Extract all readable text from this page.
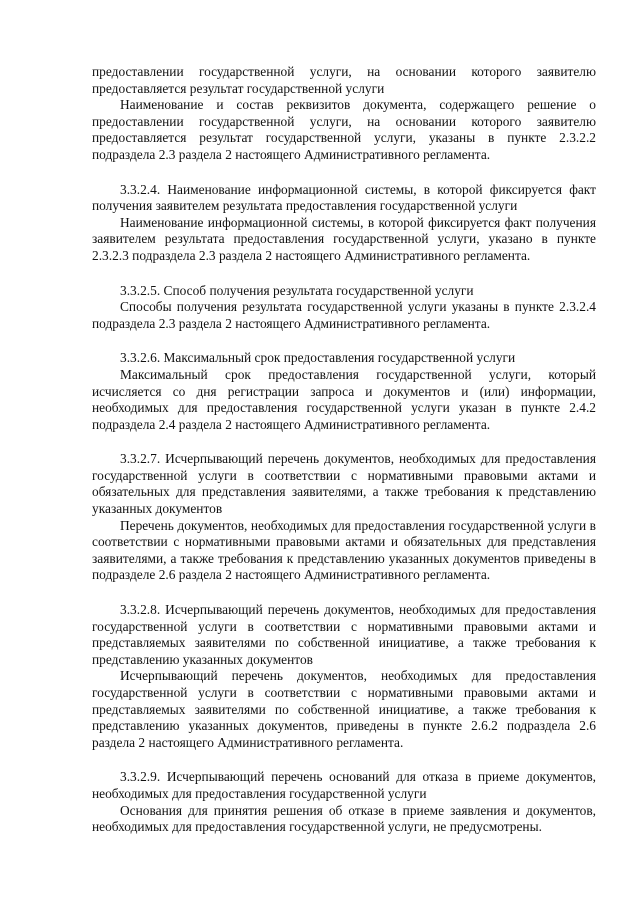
предоставлении государственной услуги, на основании которого заявителю предоставляется результат государственной услуги

Наименование и состав реквизитов документа, содержащего решение о предоставлении государственной услуги, на основании которого заявителю предоставляется результат государственной услуги, указаны в пункте 2.3.2.2 подраздела 2.3 раздела 2 настоящего Административного регламента.

3.3.2.4. Наименование информационной системы, в которой фиксируется факт получения заявителем результата предоставления государственной услуги

Наименование информационной системы, в которой фиксируется факт получения заявителем результата предоставления государственной услуги, указано в пункте 2.3.2.3 подраздела 2.3 раздела 2 настоящего Административного регламента.

3.3.2.5. Способ получения результата государственной услуги

Способы получения результата государственной услуги указаны в пункте 2.3.2.4 подраздела 2.3 раздела 2 настоящего Административного регламента.

3.3.2.6. Максимальный срок предоставления государственной услуги

Максимальный срок предоставления государственной услуги, который исчисляется со дня регистрации запроса и документов и (или) информации, необходимых для предоставления государственной услуги указан в пункте 2.4.2 подраздела 2.4 раздела 2 настоящего Административного регламента.

3.3.2.7. Исчерпывающий перечень документов, необходимых для предоставления государственной услуги в соответствии с нормативными правовыми актами и обязательных для представления заявителями, а также требования к представлению указанных документов

Перечень документов, необходимых для предоставления государственной услуги в соответствии с нормативными правовыми актами и обязательных для представления заявителями, а также требования к представлению указанных документов приведены в подразделе 2.6 раздела 2 настоящего Административного регламента.

3.3.2.8. Исчерпывающий перечень документов, необходимых для предоставления государственной услуги в соответствии с нормативными правовыми актами и представляемых заявителями по собственной инициативе, а также требования к представлению указанных документов

Исчерпывающий перечень документов, необходимых для предоставления государственной услуги в соответствии с нормативными правовыми актами и представляемых заявителями по собственной инициативе, а также требования к представлению указанных документов, приведены в пункте 2.6.2 подраздела 2.6 раздела 2 настоящего Административного регламента.

3.3.2.9. Исчерпывающий перечень оснований для отказа в приеме документов, необходимых для предоставления государственной услуги

Основания для принятия решения об отказе в приеме заявления и документов, необходимых для предоставления государственной услуги, не предусмотрены.
